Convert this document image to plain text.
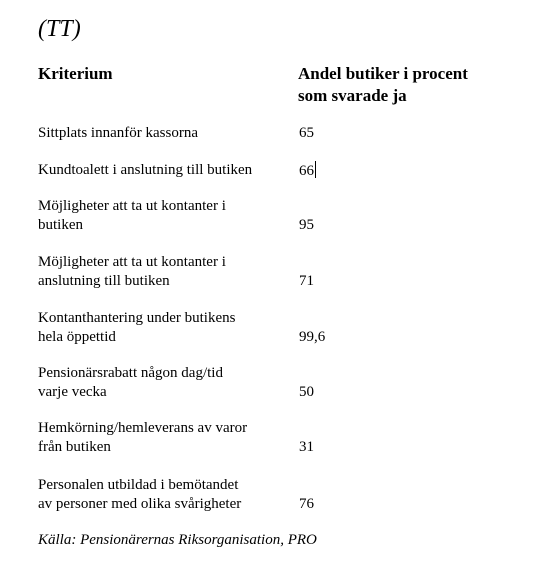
(TT)
Kriterium	Andel butiker i procent
som svarade ja
Sittplats innanför kassorna	65
Kundtoalett i anslutning till butiken	66
Möjligheter att ta ut kontanter i
butiken	95
Möjligheter att ta ut kontanter i
anslutning till butiken	71
Kontanthantering under butikens
hela öppettid	99,6
Pensionärsrabatt någon dag/tid
varje vecka	50
Hemkörning/hemleverans av varor
från butiken	31
Personalen utbildad i bemötandet
av personer med olika svårigheter	76
Källa: Pensionärernas Riksorganisation, PRO
